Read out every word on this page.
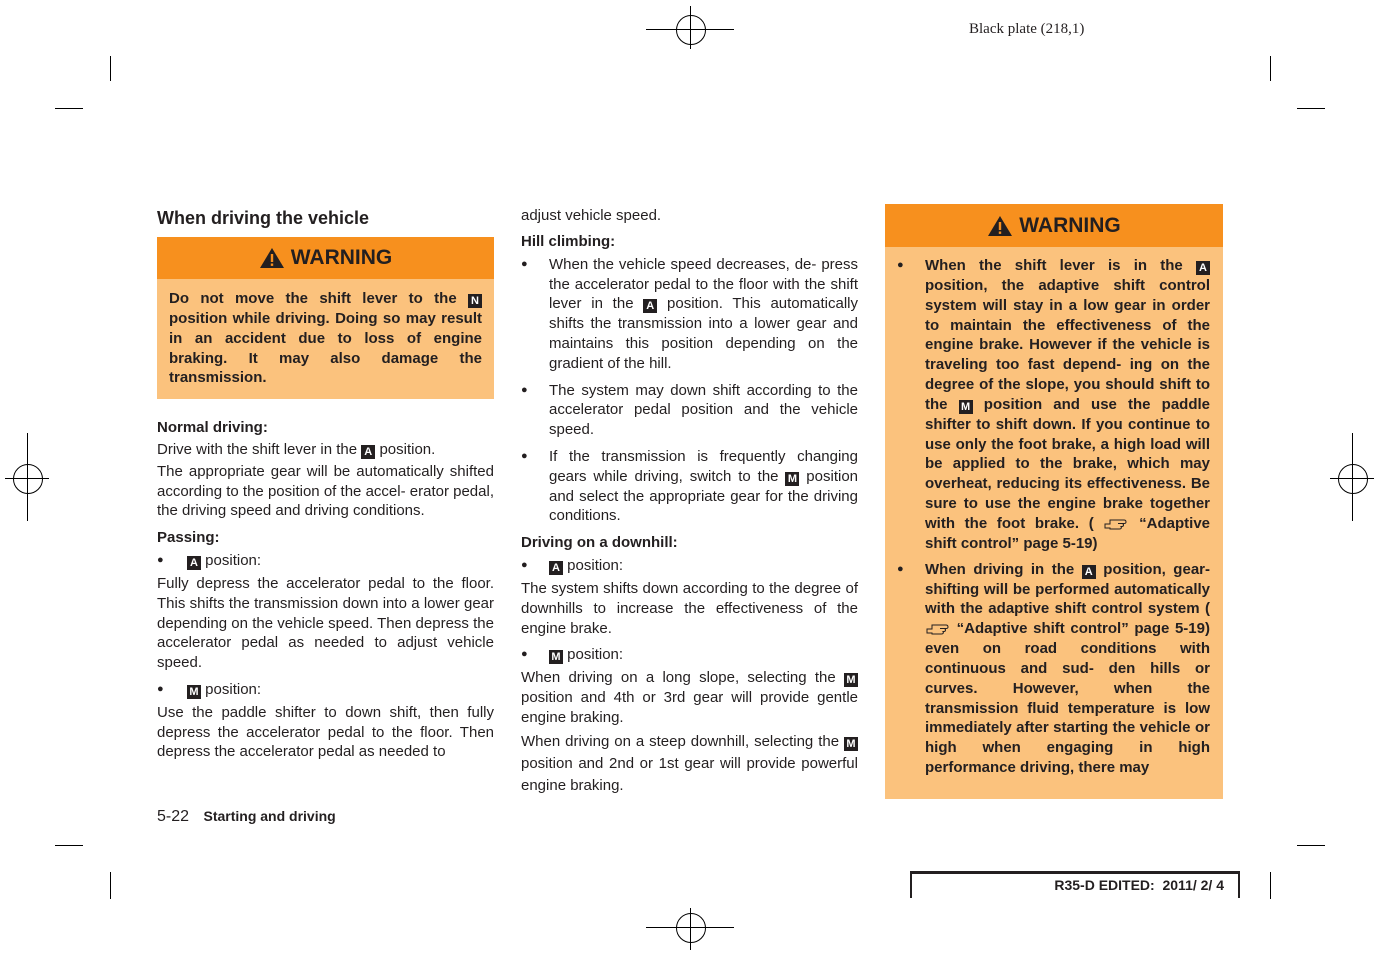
Black plate (218,1)
When driving the vehicle
WARNING

Do not move the shift lever to the N position while driving. Doing so may result in an accident due to loss of engine braking. It may also damage the transmission.

Normal driving:

Drive with the shift lever in the A position.

The appropriate gear will be automatically shifted according to the position of the accel- erator pedal, the driving speed and driving conditions.

Passing:

● A position:

Fully depress the accelerator pedal to the floor. This shifts the transmission down into a lower gear depending on the vehicle speed. Then depress the accelerator pedal as needed to adjust vehicle speed.

● M position:

Use the paddle shifter to down shift, then fully depress the accelerator pedal to the floor. Then depress the accelerator pedal as needed to

5-22 Starting and driving

adjust vehicle speed.

Hill climbing:

● When the vehicle speed decreases, de- press the accelerator pedal to the floor with the shift lever in the A position. This automatically shifts the transmission into a lower gear and maintains this position depending on the gradient of the hill.

● The system may down shift according to the accelerator pedal position and the vehicle speed.

● If the transmission is frequently changing gears while driving, switch to the M position and select the appropriate gear for the driving conditions.

Driving on a downhill:

● A position:

The system shifts down according to the degree of downhills to increase the effectiveness of the engine brake.

● M position:

When driving on a long slope, selecting the M position and 4th or 3rd gear will provide gentle engine braking.

When driving on a steep downhill, selecting the M position and 2nd or 1st gear will provide powerful engine braking.

WARNING

● When the shift lever is in the A position, the adaptive shift control system will stay in a low gear in order to maintain the effectiveness of the engine brake. However if the vehicle is traveling too fast depend- ing on the degree of the slope, you should shift to the M position and use the paddle shifter to shift down. If you continue to use only the foot brake, a high load will be applied to the brake, which may overheat, reducing its effectiveness. Be sure to use the engine brake together with the foot brake. (	“Adaptive shift control” page 5-19)

● When driving in the A position, gear-shifting will be performed automatically with the adaptive shift control system (  “Adaptive shift control” page 5-19) even on road conditions with continuous and sud- den hills or curves. However, when the transmission fluid temperature is low immediately after starting the vehicle or high when engaging in high performance driving, there may

R35-D EDITED:  2011/ 2/ 4
